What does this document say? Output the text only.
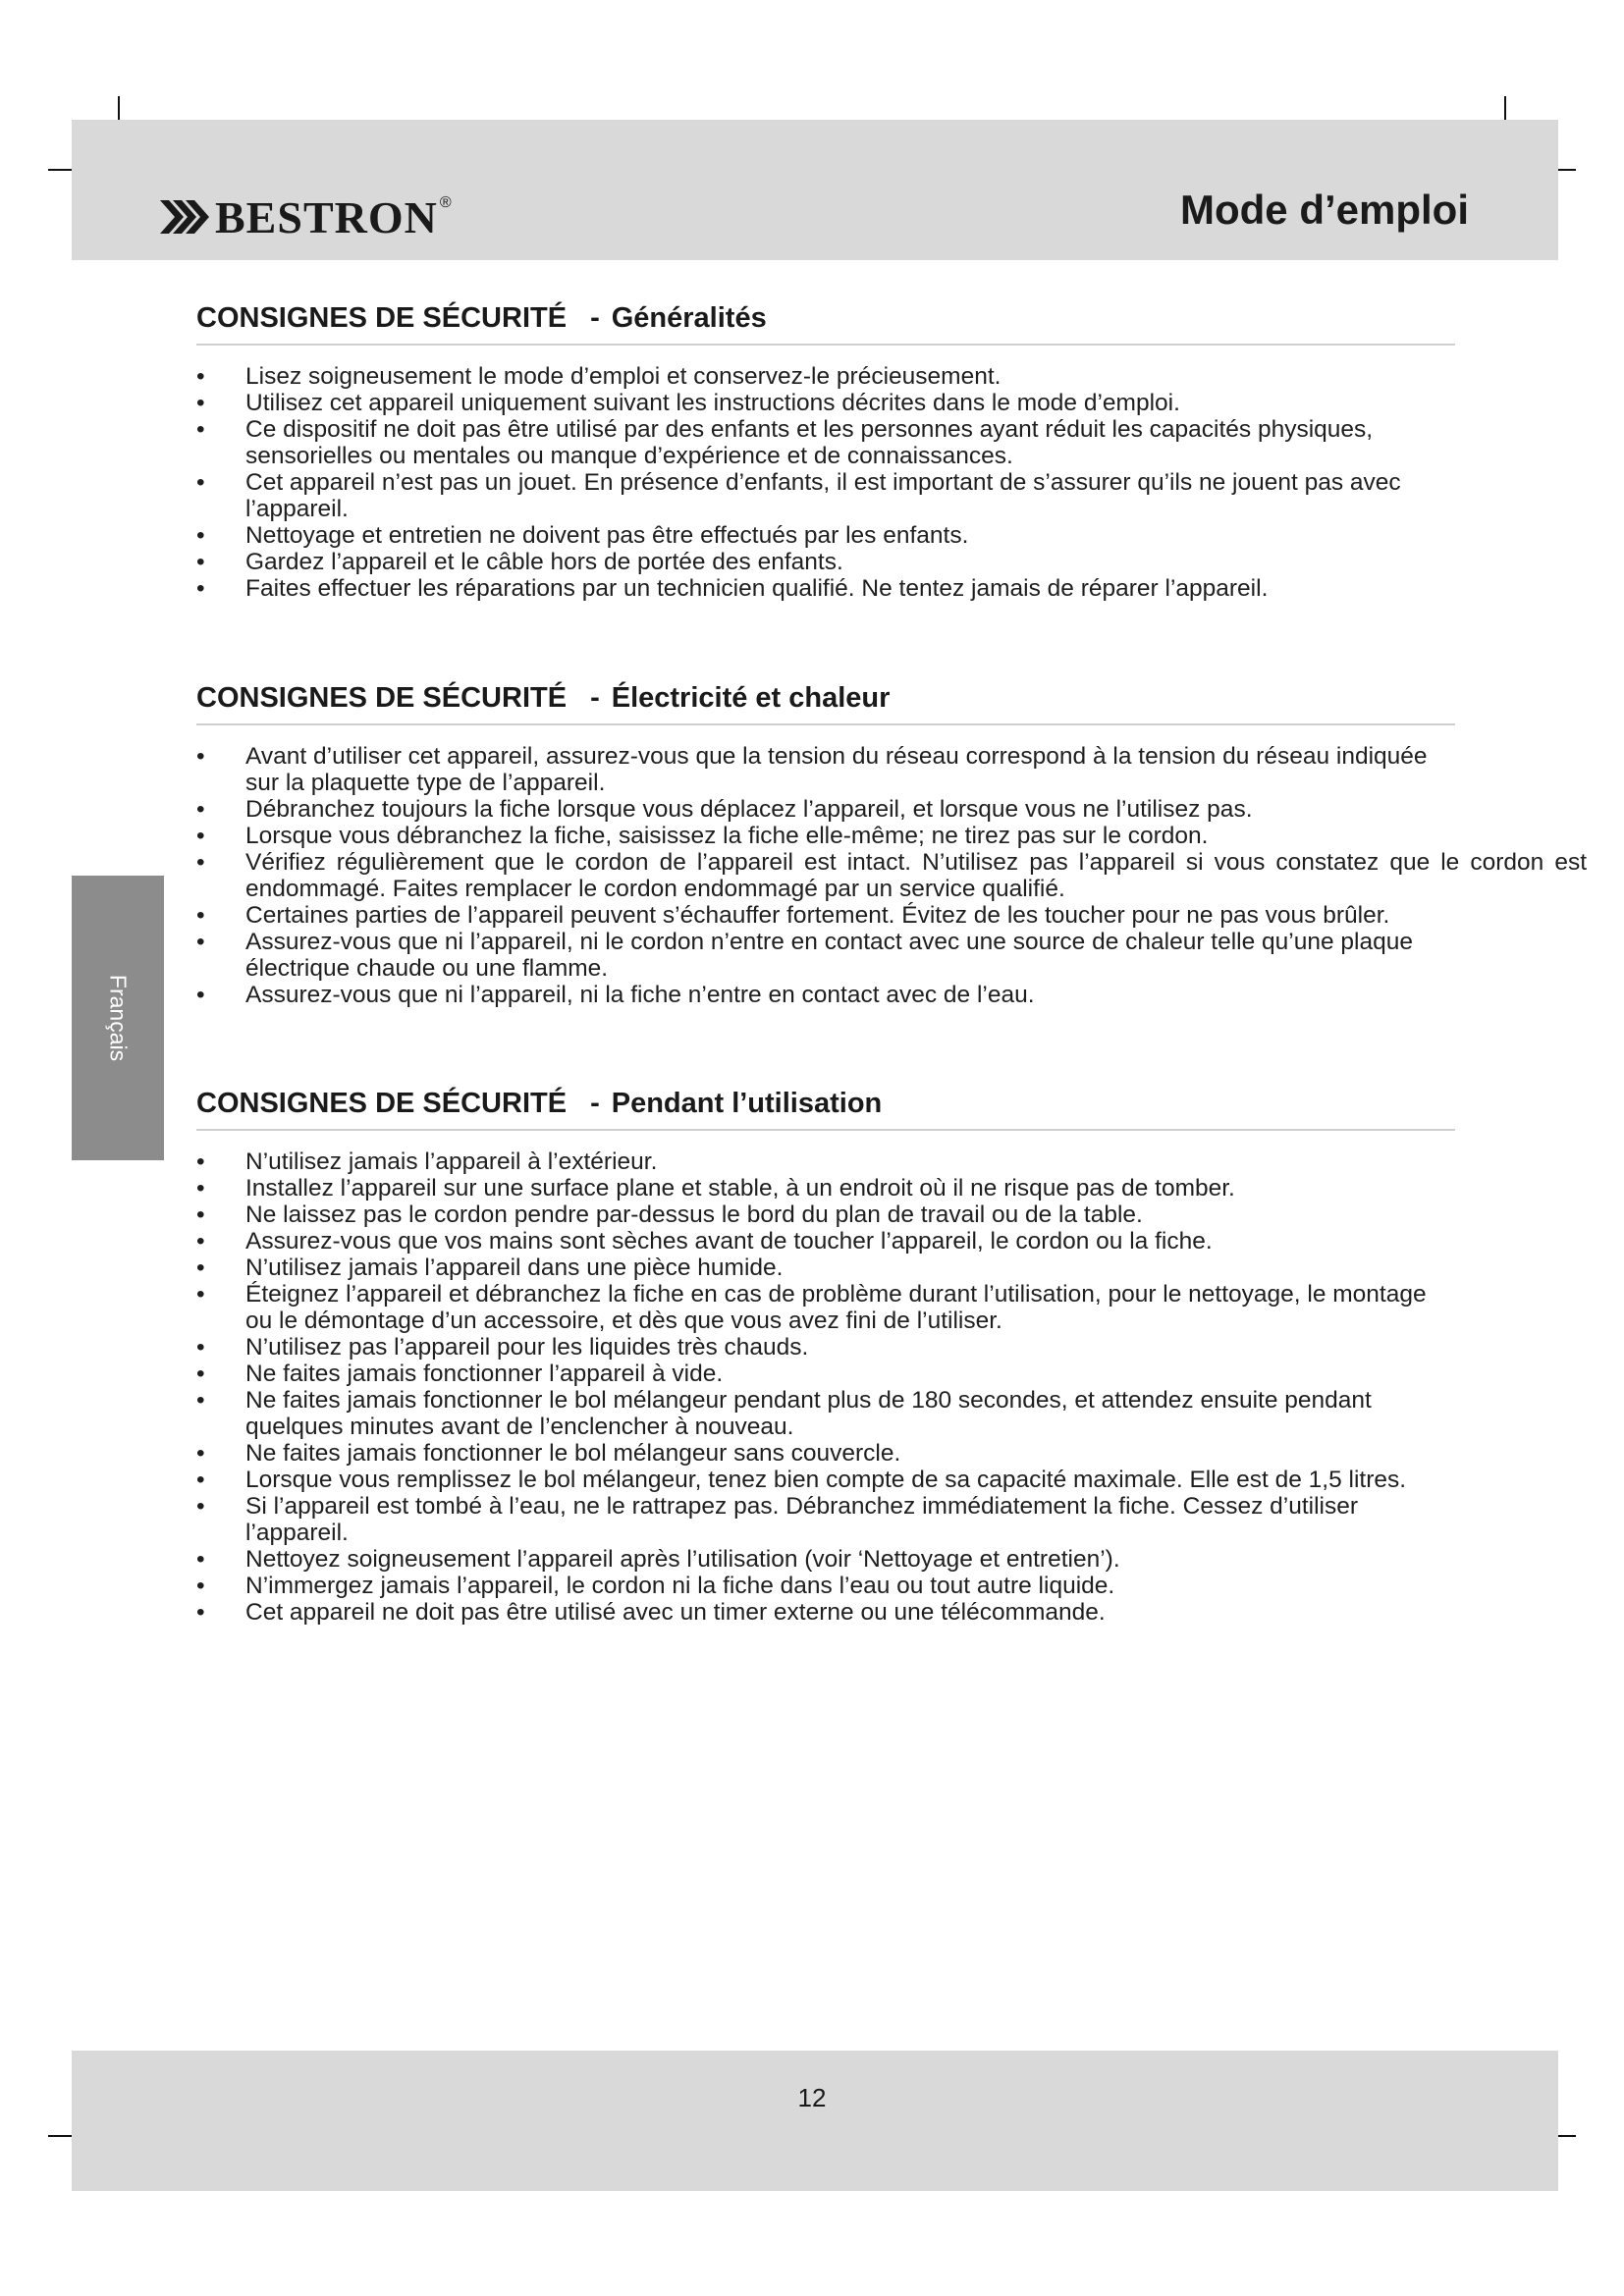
BESTRON ®	Mode d’emploi
Français
CONSIGNES DE SÉCURITÉ - Généralités
• Lisez soigneusement le mode d’emploi et conservez-le précieusement.
• Utilisez cet appareil uniquement suivant les instructions décrites dans le mode d’emploi.
• Ce dispositif ne doit pas être utilisé par des enfants et les personnes ayant réduit les capacités physiques, sensorielles ou mentales ou manque d’expérience et de connaissances.
• Cet appareil n’est pas un jouet. En présence d’enfants, il est important de s’assurer qu’ils ne jouent pas avec l’appareil.
• Nettoyage et entretien ne doivent pas être effectués par les enfants.
• Gardez l’appareil et le câble hors de portée des enfants.
• Faites effectuer les réparations par un technicien qualifié. Ne tentez jamais de réparer l’appareil.
CONSIGNES DE SÉCURITÉ - Électricité et chaleur
• Avant d’utiliser cet appareil, assurez-vous que la tension du réseau correspond à la tension du réseau indiquée sur la plaquette type de l’appareil.
• Débranchez toujours la fiche lorsque vous déplacez l’appareil, et lorsque vous ne l’utilisez pas.
• Lorsque vous débranchez la fiche, saisissez la fiche elle-même; ne tirez pas sur le cordon.
• Vérifiez régulièrement que le cordon de l’appareil est intact. N’utilisez pas l’appareil si vous constatez que le cordon est endommagé. Faites remplacer le cordon endommagé par un service qualifié.
• Certaines parties de l’appareil peuvent s’échauffer fortement. Évitez de les toucher pour ne pas vous brûler.
• Assurez-vous que ni l’appareil, ni le cordon n’entre en contact avec une source de chaleur telle qu’une plaque électrique chaude ou une flamme.
• Assurez-vous que ni l’appareil, ni la fiche n’entre en contact avec de l’eau.
CONSIGNES DE SÉCURITÉ - Pendant l’utilisation
• N’utilisez jamais l’appareil à l’extérieur.
• Installez l’appareil sur une surface plane et stable, à un endroit où il ne risque pas de tomber.
• Ne laissez pas le cordon pendre par-dessus le bord du plan de travail ou de la table.
• Assurez-vous que vos mains sont sèches avant de toucher l’appareil, le cordon ou la fiche.
• N’utilisez jamais l’appareil dans une pièce humide.
• Éteignez l’appareil et débranchez la fiche en cas de problème durant l’utilisation, pour le nettoyage, le montage ou le démontage d’un accessoire, et dès que vous avez fini de l’utiliser.
• N’utilisez pas l’appareil pour les liquides très chauds.
• Ne faites jamais fonctionner l’appareil à vide.
• Ne faites jamais fonctionner le bol mélangeur pendant plus de 180 secondes, et attendez ensuite pendant quelques minutes avant de l’enclencher à nouveau.
• Ne faites jamais fonctionner le bol mélangeur sans couvercle.
• Lorsque vous remplissez le bol mélangeur, tenez bien compte de sa capacité maximale. Elle est de 1,5 litres.
• Si l’appareil est tombé à l’eau, ne le rattrapez pas. Débranchez immédiatement la fiche. Cessez d’utiliser l’appareil.
• Nettoyez soigneusement l’appareil après l’utilisation (voir ‘Nettoyage et entretien’).
• N’immergez jamais l’appareil, le cordon ni la fiche dans l’eau ou tout autre liquide.
• Cet appareil ne doit pas être utilisé avec un timer externe ou une télécommande.
12
